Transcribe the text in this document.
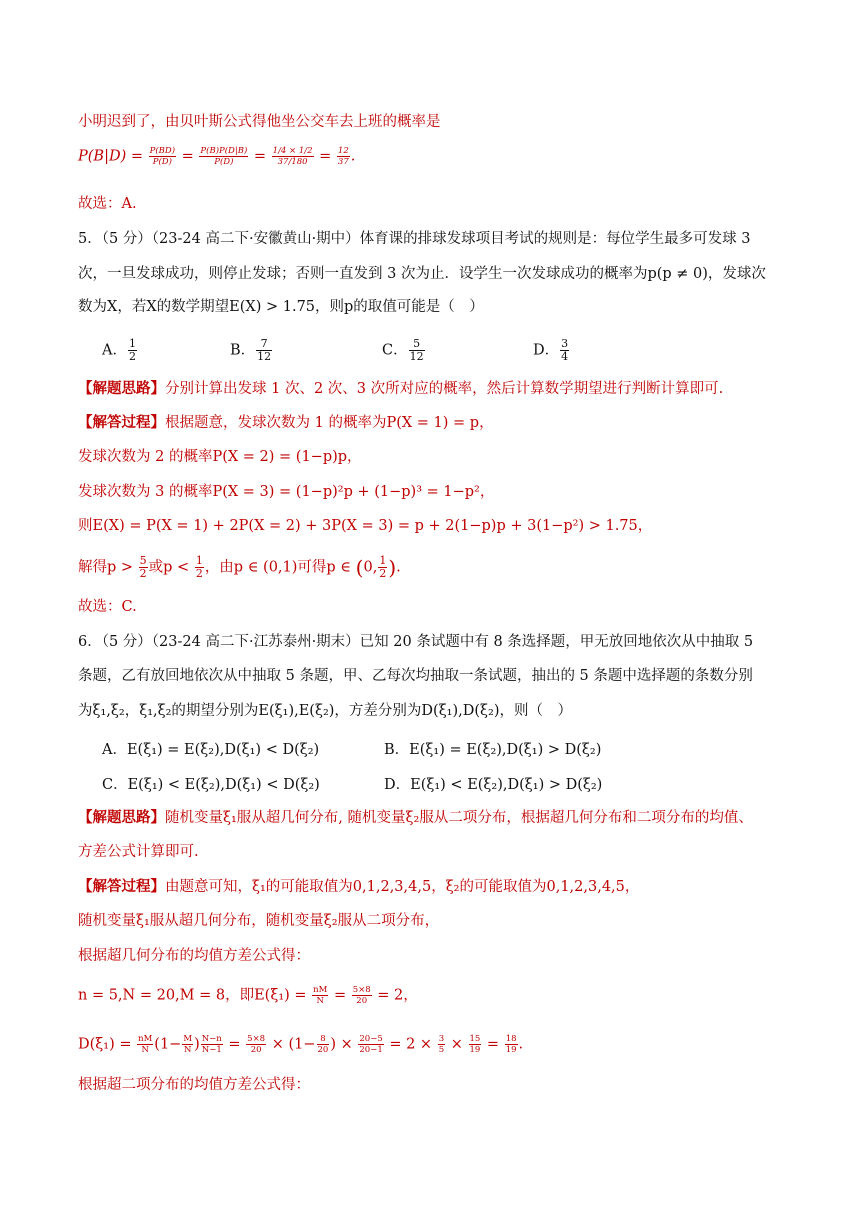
小明迟到了，由贝叶斯公式得他坐公交车去上班的概率是
$P(B|D) = \frac{P(BD)}{P(D)} = \frac{P(B)P(D|B)}{P(D)} = \frac{1/4 \times 1/2}{37/180} = \frac{12}{37}$ .
故选：A.
5．（5 分）（23-24 高二下·安徽黄山·期中）体育课的排球发球项目考试的规则是：每位学生最多可发球 3
次，一旦发球成功，则停止发球；否则一直发到 3 次为止．设学生一次发球成功的概率为p(p ≠ 0)，发球次
数为X，若X的数学期望E(X) > 1.75，则p的取值可能是（　）
A． $\frac{1}{2}$	B． $\frac{7}{12}$	C． $\frac{5}{12}$	D． $\frac{3}{4}$
【解题思路】分别计算出发球 1 次、2 次、3 次所对应的概率，然后计算数学期望进行判断计算即可.
【解答过程】根据题意，发球次数为 1 的概率为P(X = 1) = p，
发球次数为 2 的概率P(X = 2) = (1−p)p，
发球次数为 3 的概率P(X = 3) = (1−p)²p + (1−p)³ = 1−p²，
则E(X) = P(X = 1) + 2P(X = 2) + 3P(X = 3) = p + 2(1−p)p + 3(1−p²) > 1.75，
解得$p > \frac{5}{2}$ 或$p < \frac{1}{2}$ ，由p ∈ (0,1)可得p ∈ (0, $\frac{1}{2}$ ).
故选：C.
6．（5 分）（23-24 高二下·江苏泰州·期末）已知 20 条试题中有 8 条选择题，甲无放回地依次从中抽取 5
条题，乙有放回地依次从中抽取 5 条题，甲、乙每次均抽取一条试题，抽出的 5 条题中选择题的条数分别
为ξ₁,ξ₂，ξ₁,ξ₂的期望分别为E(ξ₁),E(ξ₂)，方差分别为D(ξ₁),D(ξ₂)，则（　）
A．E(ξ₁) = E(ξ₂),D(ξ₁) < D(ξ₂)	B．E(ξ₁) = E(ξ₂),D(ξ₁) > D(ξ₂)
C．E(ξ₁) < E(ξ₂),D(ξ₁) < D(ξ₂)	D．E(ξ₁) < E(ξ₂),D(ξ₁) > D(ξ₂)
【解题思路】随机变量ξ₁服从超几何分布, 随机变量ξ₂服从二项分布，根据超几何分布和二项分布的均值、
方差公式计算即可.
【解答过程】由题意可知，ξ₁的可能取值为0,1,2,3,4,5，ξ₂的可能取值为0,1,2,3,4,5，
随机变量ξ₁服从超几何分布，随机变量ξ₂服从二项分布，
根据超几何分布的均值方差公式得：
n = 5,N = 20,M = 8，即$E(\xi_1) = \frac{nM}{N} = \frac{5\times 8}{20} = 2$，
$D(\xi_1) = \frac{nM}{N} (1- \frac{M}{N}$ ) $\frac{N-n}{N-1} = \frac{5\times 8}{20} \times (1- \frac{8}{20}$ ) × $\frac{20-5}{20-1} = 2 \times \frac{3}{5} \times \frac{15}{19} = \frac{18}{19}$ .
根据超二项分布的均值方差公式得：
